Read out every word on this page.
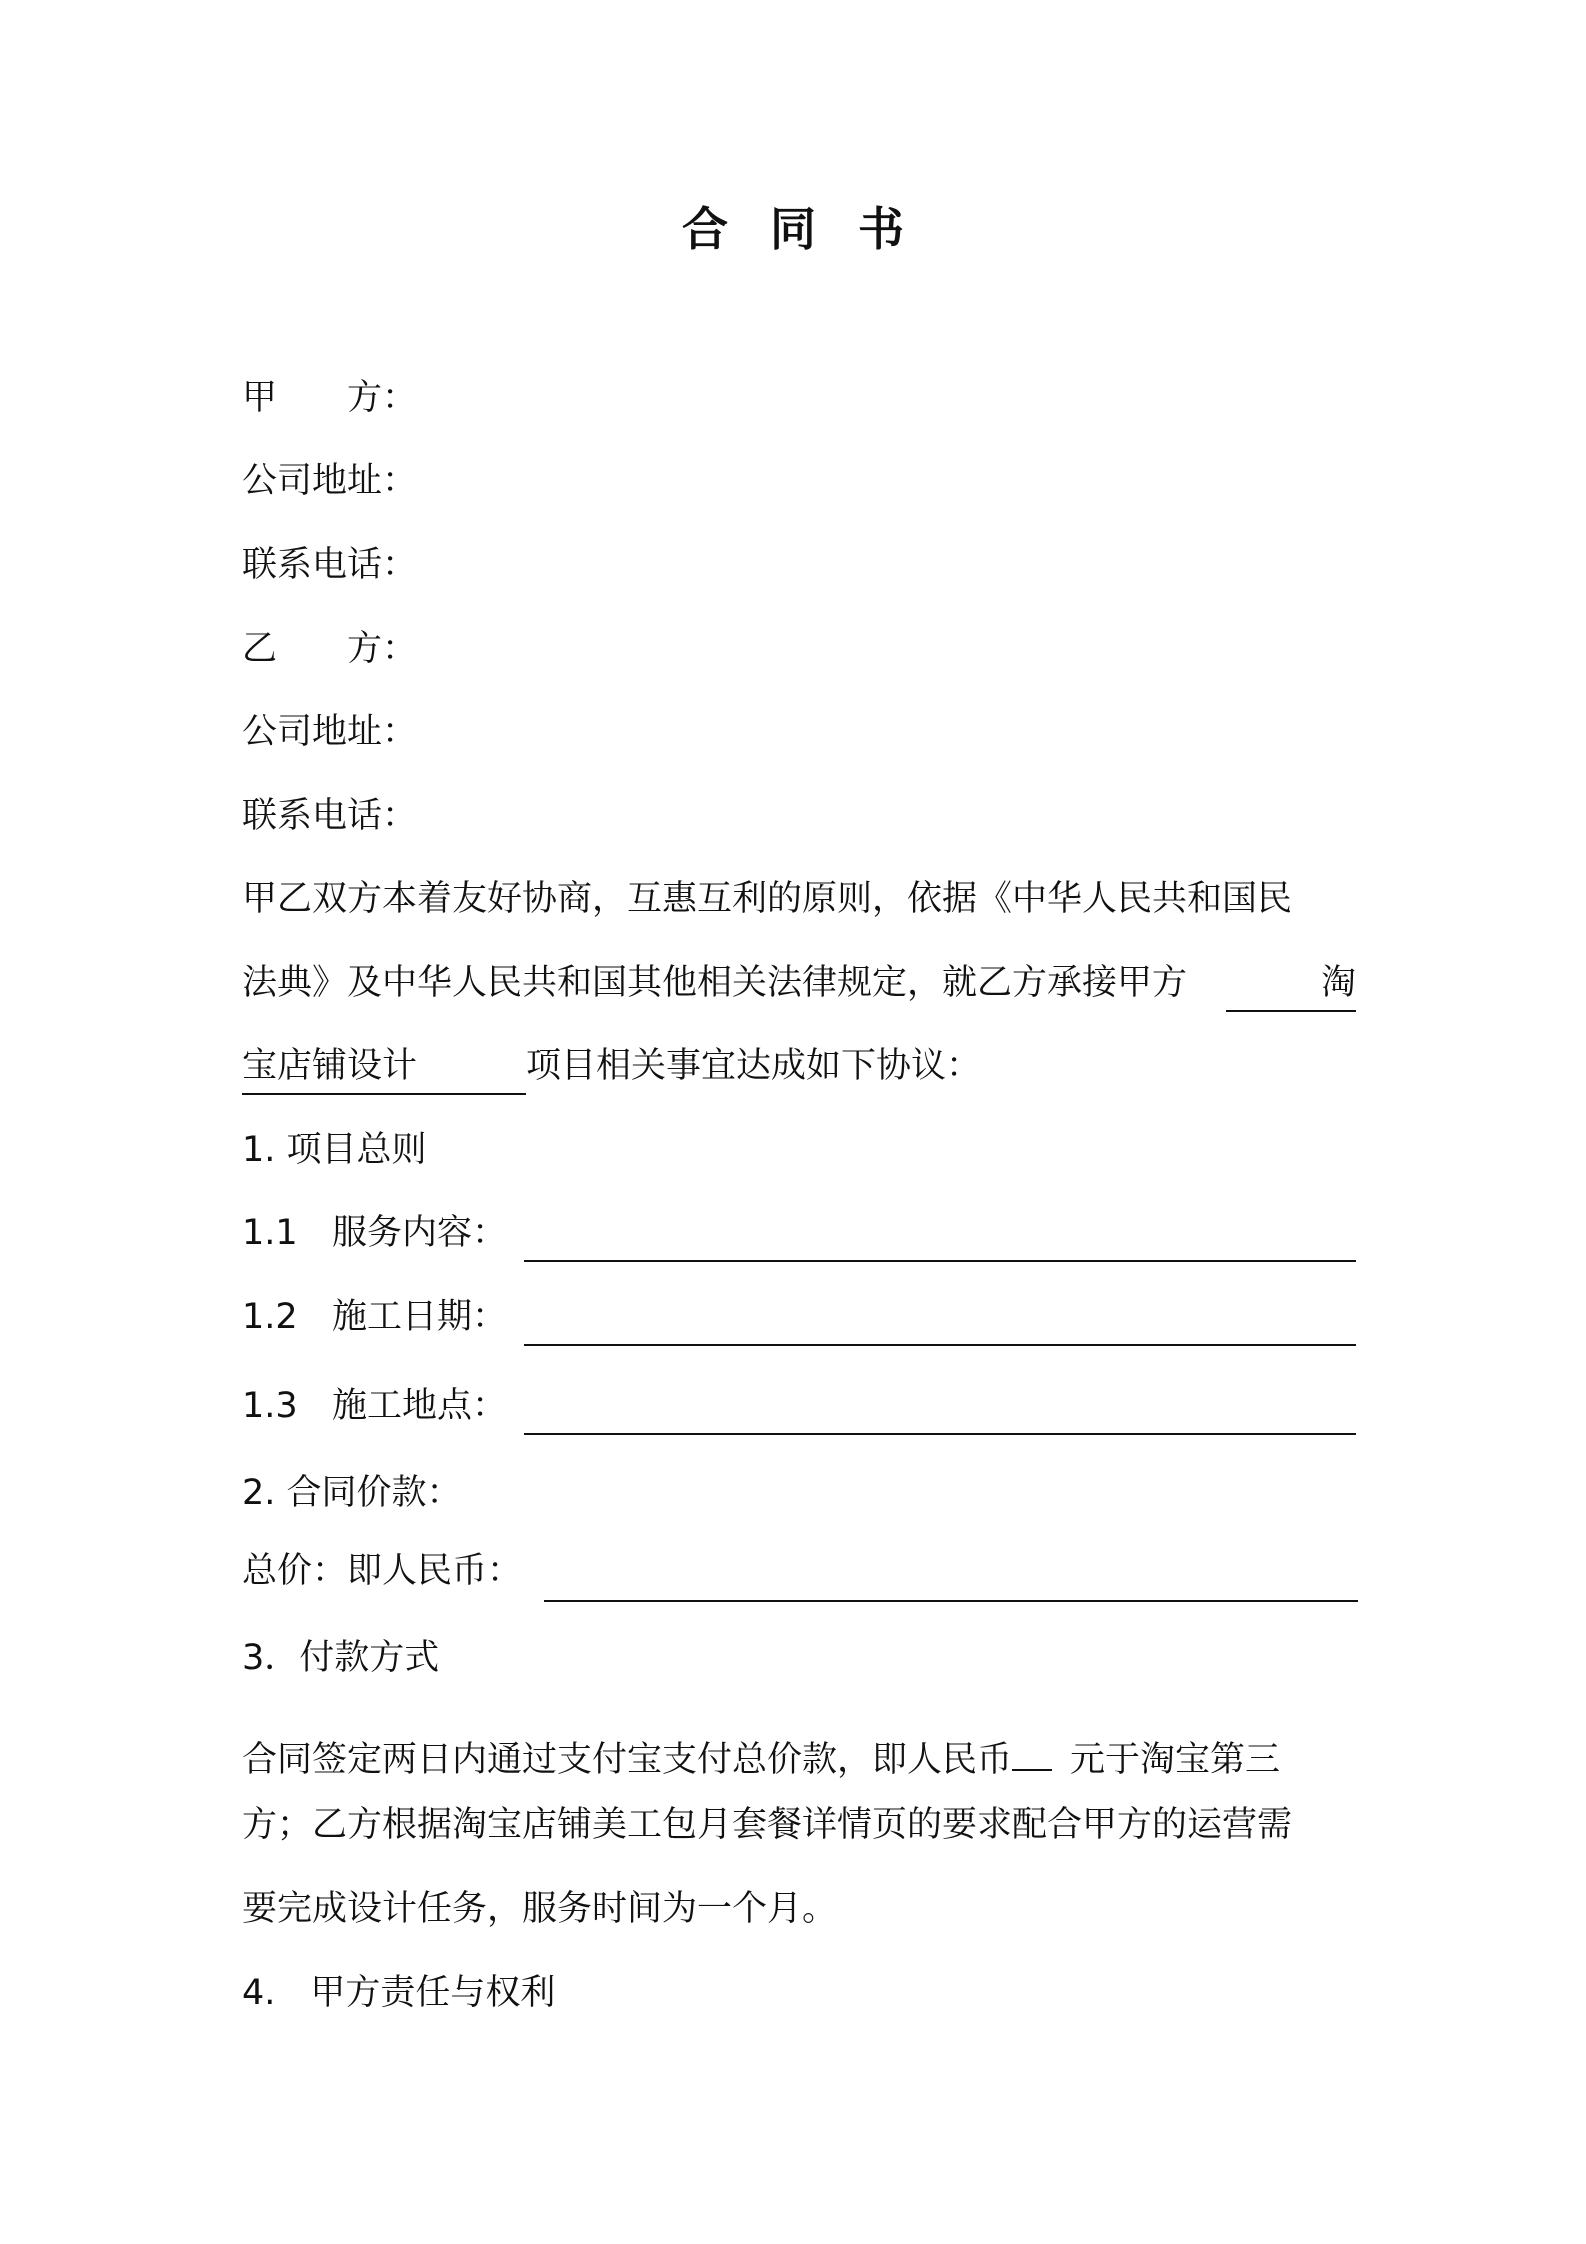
合同书
甲　　方：
公司地址：
联系电话：
乙　　方：
公司地址：
联系电话：
甲乙双方本着友好协商，互惠互利的原则，依据《中华人民共和国民
法典》及中华人民共和国其他相关法律规定，就乙方承接甲方	淘
宝店铺设计	项目相关事宜达成如下协议：
1. 项目总则
1.1 服务内容：
1.2 施工日期：
1.3 施工地点：
2. 合同价款：
总价：即人民币：
3．付款方式
合同签定两日内通过支付宝支付总价款，即人民币 元于淘宝第三
方；乙方根据淘宝店铺美工包月套餐详情页的要求配合甲方的运营需
要完成设计任务，服务时间为一个月。
4.　甲方责任与权利
